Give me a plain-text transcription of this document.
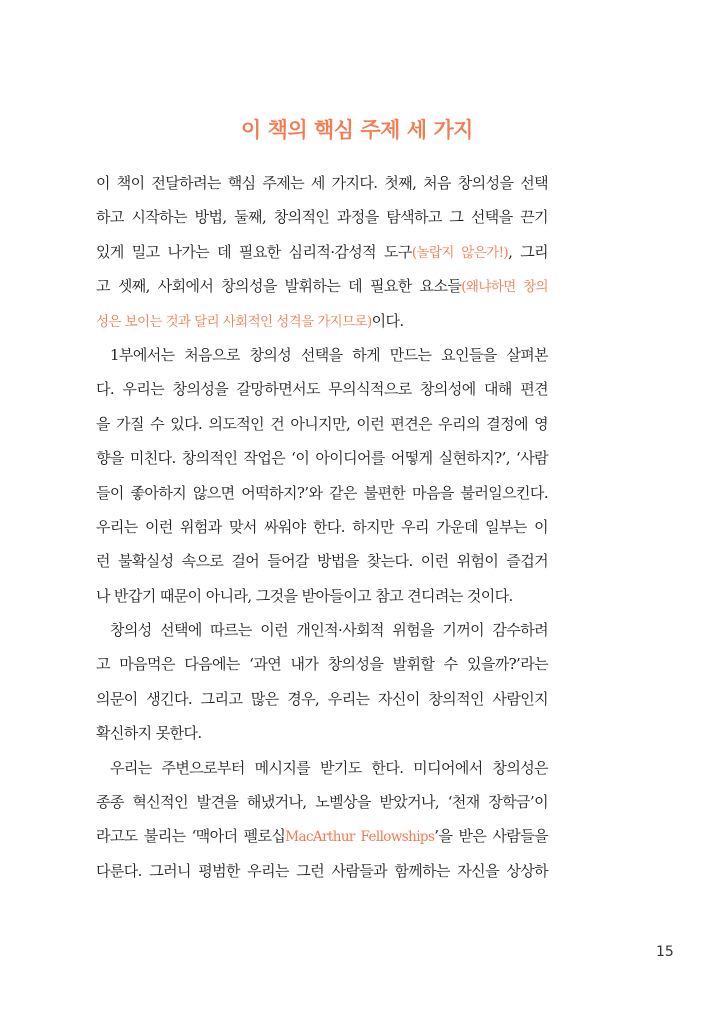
이 책의 핵심 주제 세 가지
이 책이 전달하려는 핵심 주제는 세 가지다. 첫째, 처음 창의성을 선택
하고 시작하는 방법, 둘째, 창의적인 과정을 탐색하고 그 선택을 끈기
있게 밀고 나가는 데 필요한 심리적·감성적 도구(놀랍지 않은가!), 그리
고 셋째, 사회에서 창의성을 발휘하는 데 필요한 요소들(왜냐하면 창의
성은 보이는 것과 달리 사회적인 성격을 가지므로)이다.
1부에서는 처음으로 창의성 선택을 하게 만드는 요인들을 살펴본
다. 우리는 창의성을 갈망하면서도 무의식적으로 창의성에 대해 편견
을 가질 수 있다. 의도적인 건 아니지만, 이런 편견은 우리의 결정에 영
향을 미친다. 창의적인 작업은 ‘이 아이디어를 어떻게 실현하지?’, ‘사람
들이 좋아하지 않으면 어떡하지?’와 같은 불편한 마음을 불러일으킨다.
우리는 이런 위험과 맞서 싸워야 한다. 하지만 우리 가운데 일부는 이
런 불확실성 속으로 걸어 들어갈 방법을 찾는다. 이런 위험이 즐겁거
나 반갑기 때문이 아니라, 그것을 받아들이고 참고 견디려는 것이다.
창의성 선택에 따르는 이런 개인적·사회적 위험을 기꺼이 감수하려
고 마음먹은 다음에는 ‘과연 내가 창의성을 발휘할 수 있을까?’라는
의문이 생긴다. 그리고 많은 경우, 우리는 자신이 창의적인 사람인지
확신하지 못한다.
우리는 주변으로부터 메시지를 받기도 한다. 미디어에서 창의성은
종종 혁신적인 발견을 해냈거나, 노벨상을 받았거나, ‘천재 장학금’이
라고도 불리는 ‘맥아더 펠로십MacArthur Fellowships’을 받은 사람들을
다룬다. 그러니 평범한 우리는 그런 사람들과 함께하는 자신을 상상하
15
